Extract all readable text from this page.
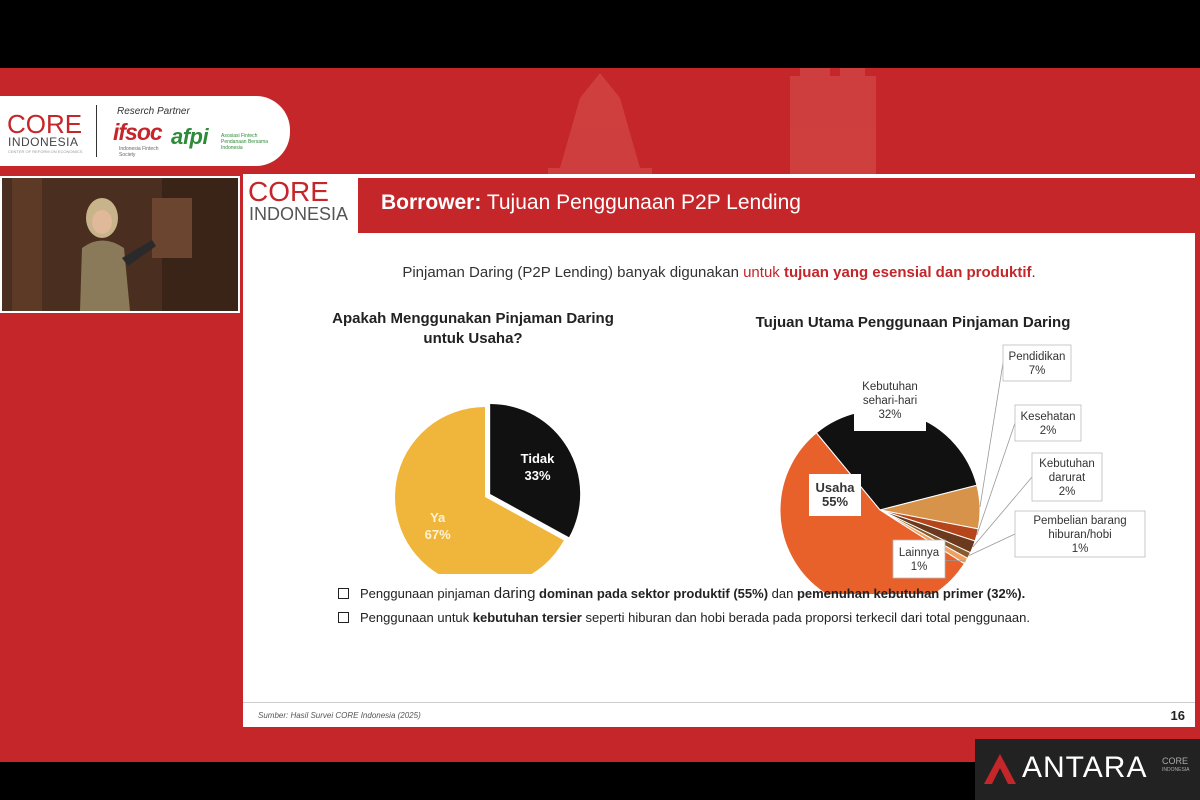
CORE
INDONESIA
CENTER OF REFORM ON ECONOMICS
Reserch Partner
ifsoc
Indonesia Fintech Society
afpi	Asosiasi Fintech Pendanaan Bersama Indonesia
CORE
INDONESIA Borrower: Tujuan Penggunaan P2P Lending
Pinjaman Daring (P2P Lending) banyak digunakan untuk tujuan yang esensial dan produktif.
Apakah Menggunakan Pinjaman Daring
untuk Usaha?
Tujuan Utama Penggunaan Pinjaman Daring
Tidak
33%
Ya
67%
Kebutuhan
sehari-hari
32%
Pendidikan
7%
Kesehatan
2%
Kebutuhan
darurat
2%
Pembelian barang
hiburan/hobi
1%
Lainnya
1%
Usaha
55%
Penggunaan pinjaman daring dominan pada sektor produktif (55%) dan pemenuhan kebutuhan primer (32%).
Penggunaan untuk kebutuhan tersier seperti hiburan dan hobi berada pada proporsi terkecil dari total penggunaan.
Sumber: Hasil Survei CORE Indonesia (2025)	16
ANTARA CORE
INDONESIA
